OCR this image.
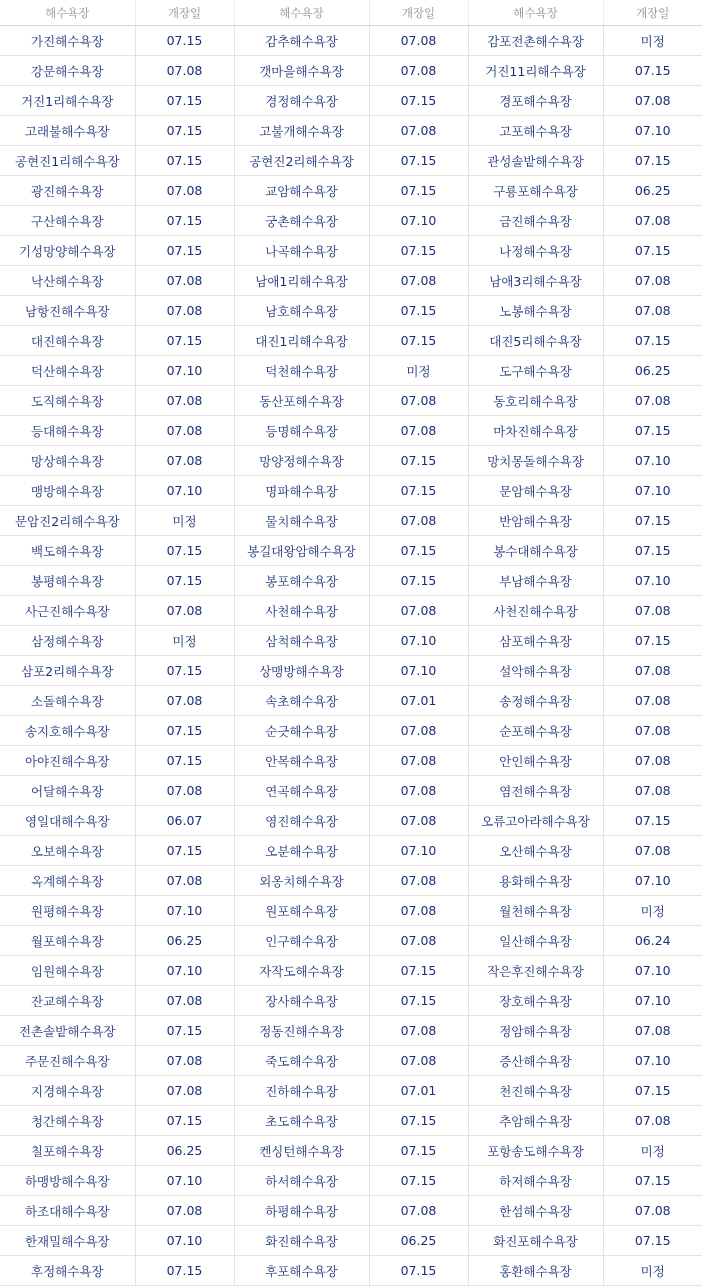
해수욕장	개장일	해수욕장	개장일	해수욕장	개장일
가진해수욕장	07.15	감추해수욕장	07.08	감포전촌해수욕장	미정
강문해수욕장	07.08	갯마을해수욕장	07.08	거진11리해수욕장	07.15
거진1리해수욕장	07.15	경정해수욕장	07.15	경포해수욕장	07.08
고래불해수욕장	07.15	고불개해수욕장	07.08	고포해수욕장	07.10
공현진1리해수욕장	07.15	공현진2리해수욕장	07.15	관성솔밭해수욕장	07.15
광진해수욕장	07.08	교암해수욕장	07.15	구룡포해수욕장	06.25
구산해수욕장	07.15	궁촌해수욕장	07.10	금진해수욕장	07.08
기성망양해수욕장	07.15	나곡해수욕장	07.15	나정해수욕장	07.15
낙산해수욕장	07.08	남애1리해수욕장	07.08	남애3리해수욕장	07.08
남항진해수욕장	07.08	남호해수욕장	07.15	노봉해수욕장	07.08
대진해수욕장	07.15	대진1리해수욕장	07.15	대진5리해수욕장	07.15
덕산해수욕장	07.10	덕천해수욕장	미정	도구해수욕장	06.25
도직해수욕장	07.08	동산포해수욕장	07.08	동호리해수욕장	07.08
등대해수욕장	07.08	등명해수욕장	07.08	마차진해수욕장	07.15
망상해수욕장	07.08	망양정해수욕장	07.15	망치몽돌해수욕장	07.10
맹방해수욕장	07.10	명파해수욕장	07.15	문암해수욕장	07.10
문암진2리해수욕장	미정	물치해수욕장	07.08	반암해수욕장	07.15
백도해수욕장	07.15	봉길대왕암해수욕장	07.15	봉수대해수욕장	07.15
봉평해수욕장	07.15	봉포해수욕장	07.15	부남해수욕장	07.10
사근진해수욕장	07.08	사천해수욕장	07.08	사천진해수욕장	07.08
삼정해수욕장	미정	삼척해수욕장	07.10	삼포해수욕장	07.15
삼포2리해수욕장	07.15	상맹방해수욕장	07.10	설악해수욕장	07.08
소돌해수욕장	07.08	속초해수욕장	07.01	송정해수욕장	07.08
송지호해수욕장	07.15	순긋해수욕장	07.08	순포해수욕장	07.08
아야진해수욕장	07.15	안목해수욕장	07.08	안인해수욕장	07.08
어달해수욕장	07.08	연곡해수욕장	07.08	염전해수욕장	07.08
영일대해수욕장	06.07	영진해수욕장	07.08	오류고아라해수욕장	07.15
오보해수욕장	07.15	오분해수욕장	07.10	오산해수욕장	07.08
옥계해수욕장	07.08	외옹치해수욕장	07.08	용화해수욕장	07.10
원평해수욕장	07.10	원포해수욕장	07.08	월천해수욕장	미정
월포해수욕장	06.25	인구해수욕장	07.08	일산해수욕장	06.24
임원해수욕장	07.10	자작도해수욕장	07.15	작은후진해수욕장	07.10
잔교해수욕장	07.08	장사해수욕장	07.15	장호해수욕장	07.10
전촌솔밭해수욕장	07.15	정동진해수욕장	07.08	정암해수욕장	07.08
주문진해수욕장	07.08	죽도해수욕장	07.08	증산해수욕장	07.10
지경해수욕장	07.08	진하해수욕장	07.01	천진해수욕장	07.15
청간해수욕장	07.15	초도해수욕장	07.15	추암해수욕장	07.08
칠포해수욕장	06.25	켄싱턴해수욕장	07.15	포항송도해수욕장	미정
하맹방해수욕장	07.10	하서해수욕장	07.15	하저해수욕장	07.15
하조대해수욕장	07.08	하평해수욕장	07.08	한섬해수욕장	07.08
한재밀해수욕장	07.10	화진해수욕장	06.25	화진포해수욕장	07.15
후정해수욕장	07.15	후포해수욕장	07.15	홍환해수욕장	미정
